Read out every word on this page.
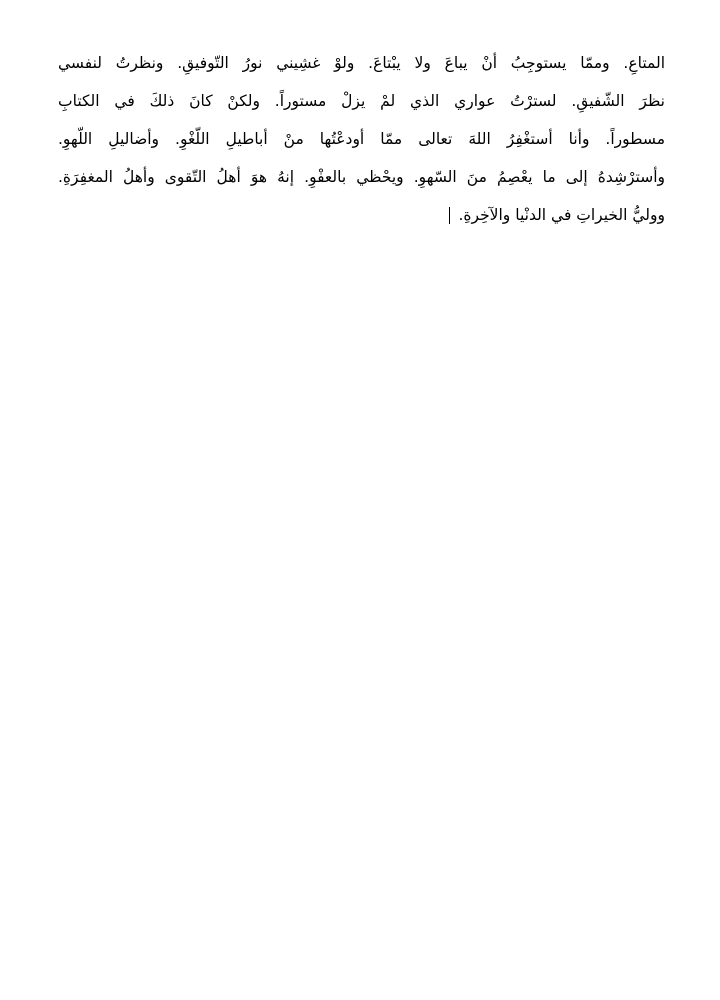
المتاعِ. وممّا يستوجِبُ أنْ يباعَ ولا يبْتاعَ. ولوْ غشِيني نورُ التّوفيقِ. ونظرتُ لنفسي
نظرَ الشّفيقِ. لسترْتُ عواري الذي لمْ يزلْ مستوراً. ولكنْ كانَ ذلكَ في الكتابِ
مسطوراً. وأنا أستغْفِرُ اللهَ تعالى ممّا أودعْتُها منْ أباطيلِ اللّغْوِ. وأضاليلِ اللّهوِ.
وأسترْشِدهُ إلى ما يعْصِمُ منَ السّهوِ. ويحْظي بالعفْوِ. إنهُ هوَ أهلُ التّقوى وأهلُ المغفِرَةِ.
ووليُّ الخيراتِ في الدنْيا والآخِرةِ.
